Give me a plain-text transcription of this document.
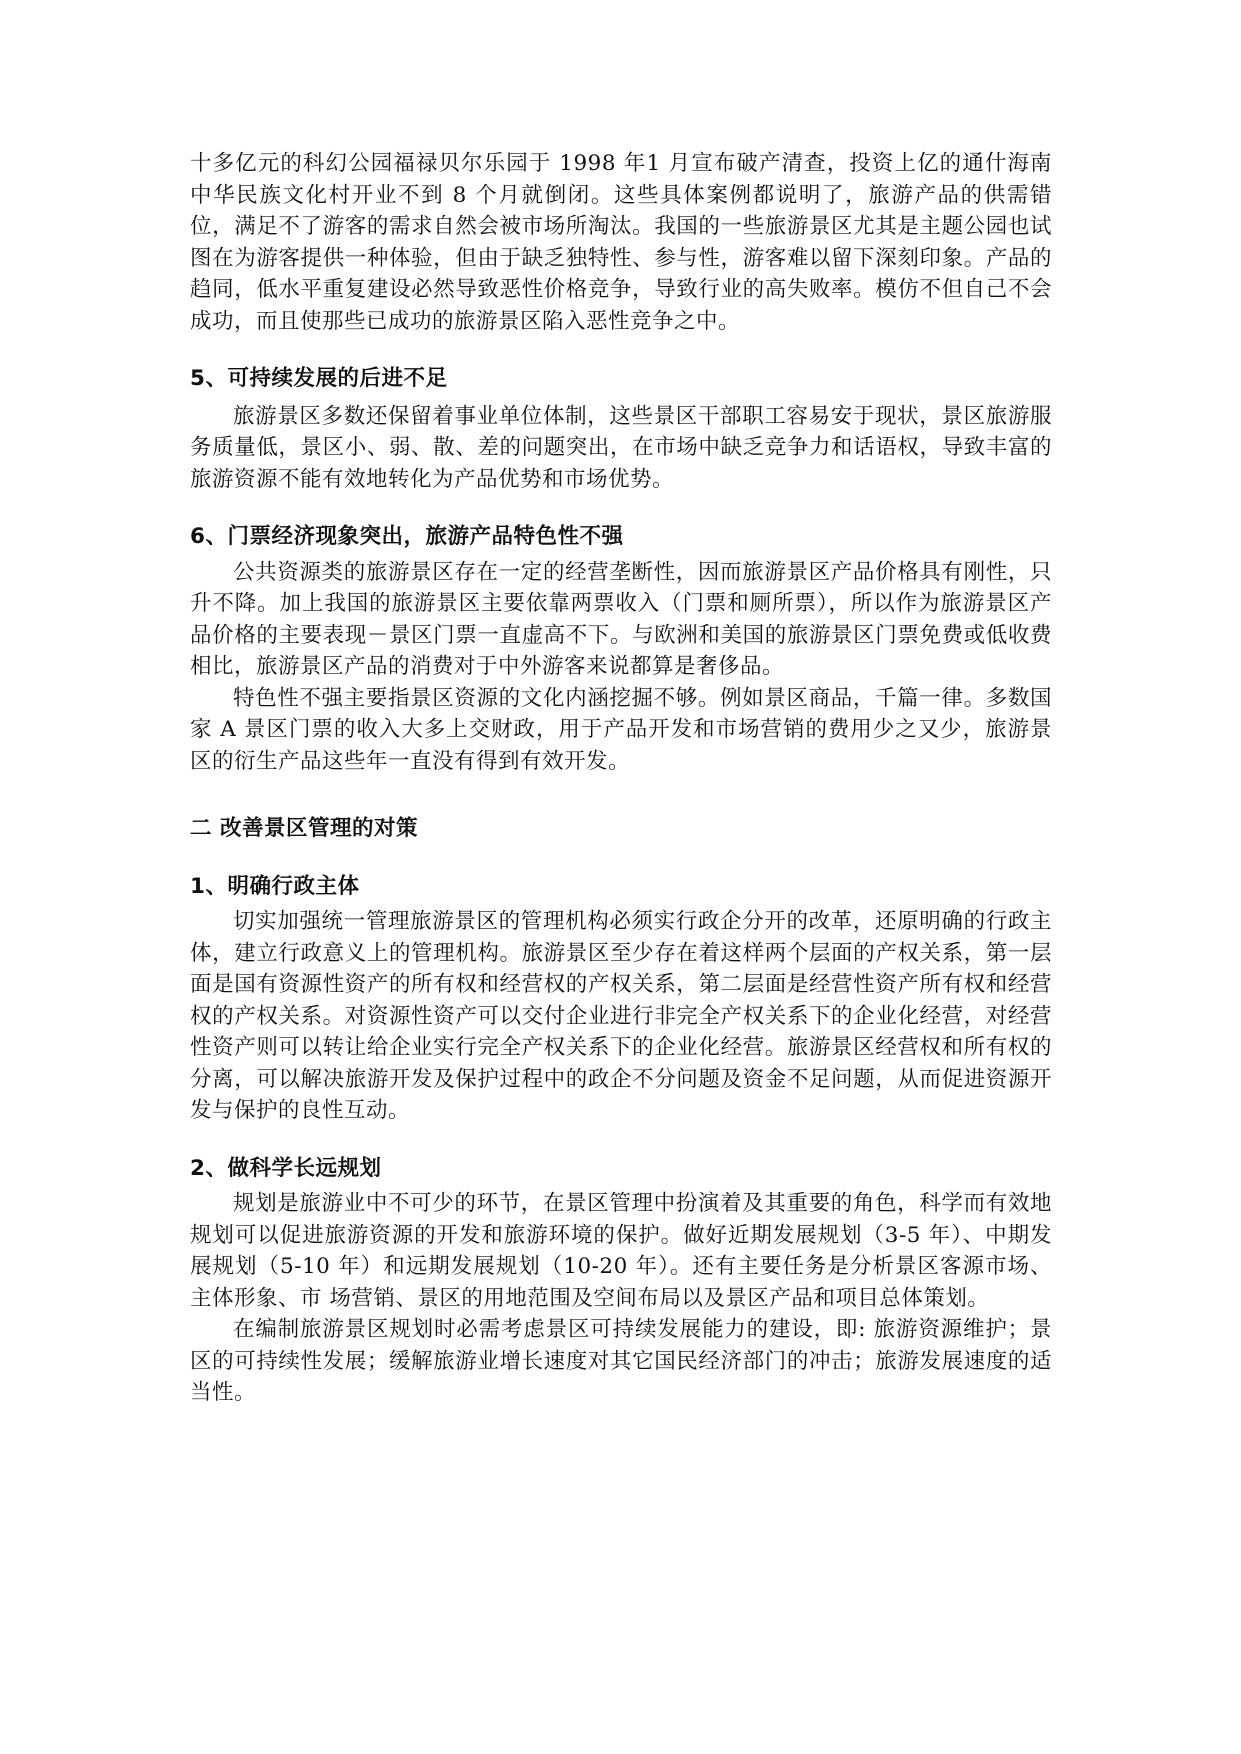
十多亿元的科幻公园福禄贝尔乐园于 1998 年1 月宣布破产清查，投资上亿的通什海南中华民族文化村开业不到 8 个月就倒闭。这些具体案例都说明了，旅游产品的供需错位，满足不了游客的需求自然会被市场所淘汰。我国的一些旅游景区尤其是主题公园也试图在为游客提供一种体验，但由于缺乏独特性、参与性，游客难以留下深刻印象。产品的趋同，低水平重复建设必然导致恶性价格竞争，导致行业的高失败率。模仿不但自己不会成功，而且使那些已成功的旅游景区陷入恶性竞争之中。

5、可持续发展的后进不足

旅游景区多数还保留着事业单位体制，这些景区干部职工容易安于现状，景区旅游服务质量低，景区小、弱、散、差的问题突出，在市场中缺乏竞争力和话语权，导致丰富的旅游资源不能有效地转化为产品优势和市场优势。

6、门票经济现象突出，旅游产品特色性不强

公共资源类的旅游景区存在一定的经营垄断性，因而旅游景区产品价格具有刚性，只升不降。加上我国的旅游景区主要依靠两票收入（门票和厕所票），所以作为旅游景区产品价格的主要表现－景区门票一直虚高不下。与欧洲和美国的旅游景区门票免费或低收费相比，旅游景区产品的消费对于中外游客来说都算是奢侈品。

特色性不强主要指景区资源的文化内涵挖掘不够。例如景区商品，千篇一律。多数国家 A 景区门票的收入大多上交财政，用于产品开发和市场营销的费用少之又少，旅游景区的衍生产品这些年一直没有得到有效开发。

二 改善景区管理的对策
1、明确行政主体

切实加强统一管理旅游景区的管理机构必须实行政企分开的改革，还原明确的行政主体，建立行政意义上的管理机构。旅游景区至少存在着这样两个层面的产权关系，第一层面是国有资源性资产的所有权和经营权的产权关系，第二层面是经营性资产所有权和经营权的产权关系。对资源性资产可以交付企业进行非完全产权关系下的企业化经营，对经营性资产则可以转让给企业实行完全产权关系下的企业化经营。旅游景区经营权和所有权的分离，可以解决旅游开发及保护过程中的政企不分问题及资金不足问题，从而促进资源开发与保护的良性互动。

2、做科学长远规划

规划是旅游业中不可少的环节，在景区管理中扮演着及其重要的角色，科学而有效地规划可以促进旅游资源的开发和旅游环境的保护。做好近期发展规划（3-5 年）、中期发展规划（5-10 年）和远期发展规划（10-20 年）。还有主要任务是分析景区客源市场、主体形象、市 场营销、景区的用地范围及空间布局以及景区产品和项目总体策划。

在编制旅游景区规划时必需考虑景区可持续发展能力的建设，即: 旅游资源维护；景区的可持续性发展；缓解旅游业增长速度对其它国民经济部门的冲击；旅游发展速度的适当性。
